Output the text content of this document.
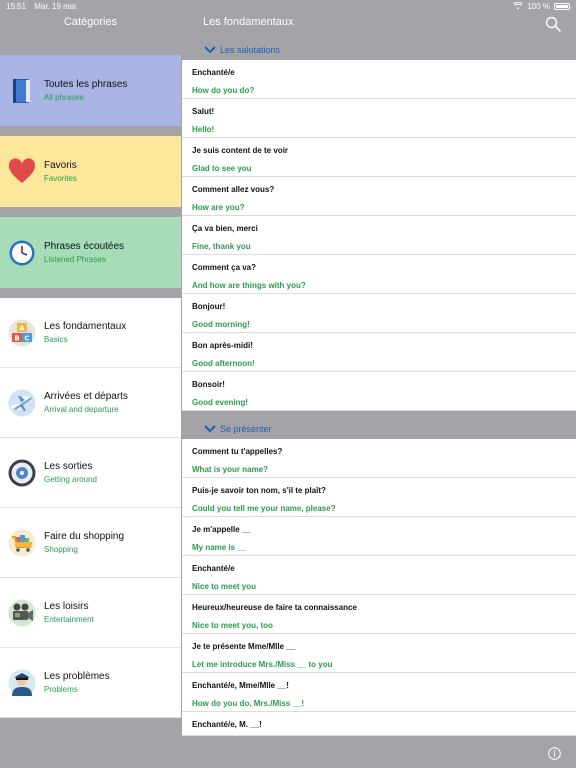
15:51 Mar. 19 mai	100 %
Catégories	Les fondamentaux
Toutes les phrases
All phrases
Favoris
Favorites
Phrases écoutées
Listened Phrases
A
B C
Les fondamentaux
Basics
Arrivées et départs
Arrival and departure
Les sorties
Getting around
Faire du shopping
Shopping
Les loisirs
Entertainment
Les problèmes
Problems
Les salutations
Enchanté/e
How do you do?
Salut!
Hello!
Je suis content de te voir
Glad to see you
Comment allez vous?
How are you?
Ça va bien, merci
Fine, thank you
Comment ça va?
And how are things with you?
Bonjour!
Good morning!
Bon après-midi!
Good afternoon!
Bonsoir!
Good evening!
Se présenter
Comment tu t'appelles?
What is your name?
Puis-je savoir ton nom, s'il te plaît?
Could you tell me your name, please?
Je m'appelle __
My name is __
Enchanté/e
Nice to meet you
Heureux/heureuse de faire ta connaissance
Nice to meet you, too
Je te présente Mme/Mlle __
Let me introduce Mrs./Miss __ to you
Enchanté/e, Mme/Mlle __!
How do you do, Mrs./Miss __!
Enchanté/e, M. __!
